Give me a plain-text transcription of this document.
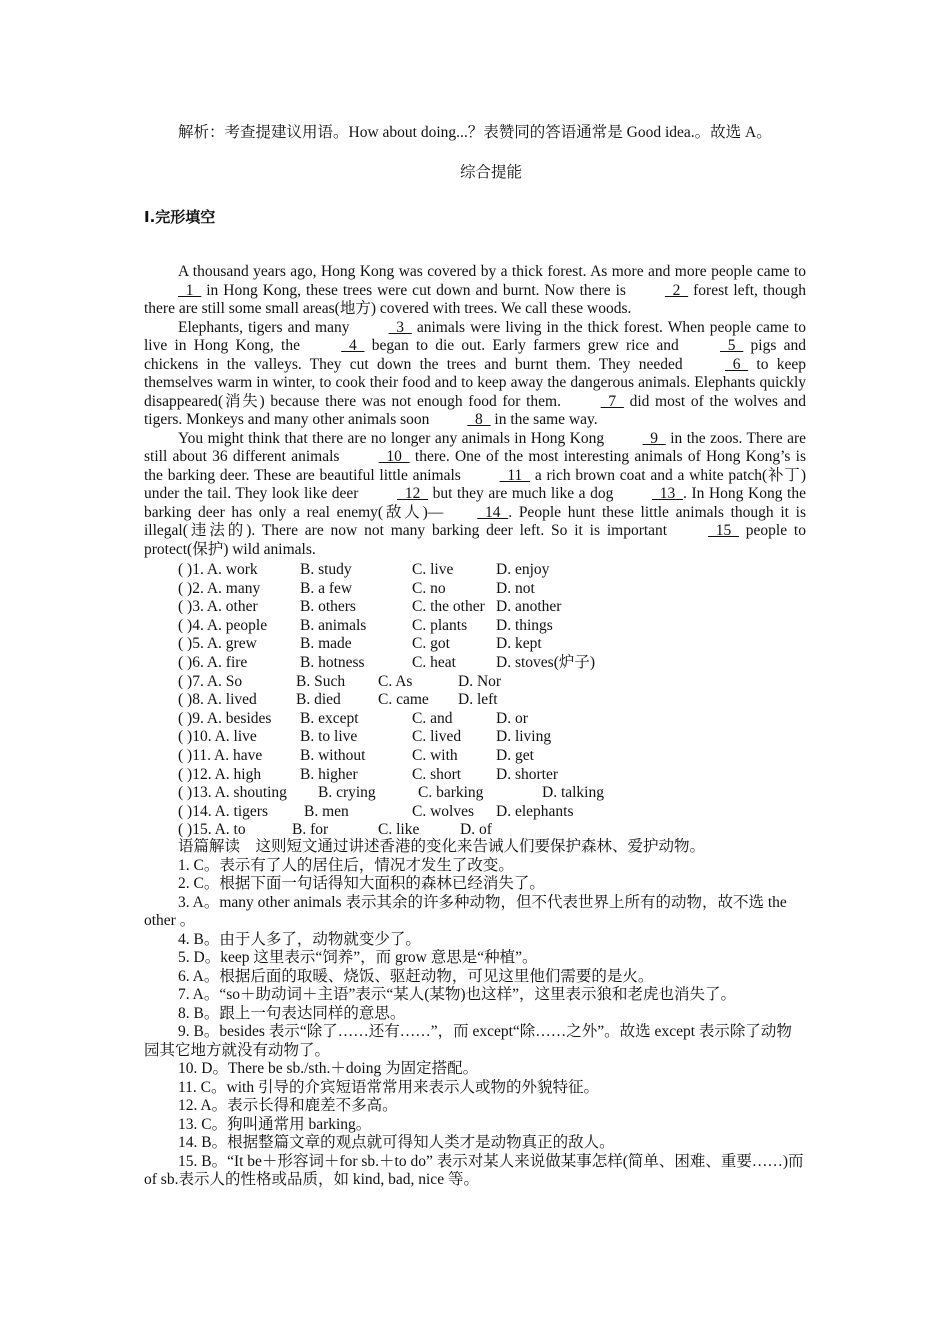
解析：考查提建议用语。How about doing...？表赞同的答语通常是 Good idea.。故选 A。
综合提能
Ⅰ.完形填空

A thousand years ago, Hong Kong was covered by a thick forest. As more and more people came to   1   in Hong Kong, these trees were cut down and burnt. Now there is   2   forest left, though there are still some small areas(地方) covered with trees. We call these woods.

Elephants, tigers and many   3   animals were living in the thick forest. When people came to live in Hong Kong, the   4   began to die out. Early farmers grew rice and   5   pigs and chickens in the valleys. They cut down the trees and burnt them. They needed   6   to keep themselves warm in winter, to cook their food and to keep away the dangerous animals. Elephants quickly disappeared(消失) because there was not enough food for them.   7   did most of the wolves and tigers. Monkeys and many other animals soon   8   in the same way.

You might think that there are no longer any animals in Hong Kong   9   in the zoos. There are still about 36 different animals   10   there. One of the most interesting animals of Hong Kong’s is the barking deer. These are beautiful little animals   11   a rich brown coat and a white patch(补丁) under the tail. They look like deer   12   but they are much like a dog   13  . In Hong Kong the barking deer has only a real enemy(敌人)—  14  . People hunt these little animals though it is illegal(违法的). There are now not many barking deer left. So it is important   15   people to protect(保护) wild animals.

( )1. A. work	B. study	C. live	D. enjoy
( )2. A. many	B. a few	C. no	D. not
( )3. A. other	B. others	C. the other D. another
( )4. A. people B. animals	C. plants D. things
( )5. A. grew	B. made	C. got	D. kept
( )6. A. fire	B. hotness	C. heat	D. stoves(炉子)
( )7. A. So	B. Such C. As	D. Nor
( )8. A. lived	B. died C. came D. left
( )9. A. besides B. except	C. and	D. or
( )10. A. live	B. to live	C. lived D. living
( )11. A. have B. without	C. with D. get
( )12. A. high	B. higher	C. short D. shorter
( )13. A. shouting B. crying	C. barking	D. talking
( )14. A. tigers B. men	C. wolves D. elephants
( )15. A. to	B. for	C. like	D. of
语篇解读　这则短文通过讲述香港的变化来告诫人们要保护森林、爱护动物。
1. C。表示有了人的居住后，情况才发生了改变。
2. C。根据下面一句话得知大面积的森林已经消失了。
3. A。many other animals 表示其余的许多种动物，但不代表世界上所有的动物，故不选 the other 。
4. B。由于人多了，动物就变少了。
5. D。keep 这里表示“饲养”，而 grow 意思是“种植”。
6. A。根据后面的取暖、烧饭、驱赶动物，可见这里他们需要的是火。
7. A。“so＋助动词＋主语”表示“某人(某物)也这样”，这里表示狼和老虎也消失了。
8. B。跟上一句表达同样的意思。
9. B。besides 表示“除了……还有……”，而 except“除……之外”。故选 except 表示除了动物园其它地方就没有动物了。
10. D。There be sb./sth.＋doing 为固定搭配。
11. C。with 引导的介宾短语常常用来表示人或物的外貌特征。
12. A。表示长得和鹿差不多高。
13. C。狗叫通常用 barking。
14. B。根据整篇文章的观点就可得知人类才是动物真正的敌人。
15. B。“It be＋形容词＋for sb.＋to do” 表示对某人来说做某事怎样(简单、困难、重要……)而 of sb.表示人的性格或品质，如 kind, bad, nice 等。
